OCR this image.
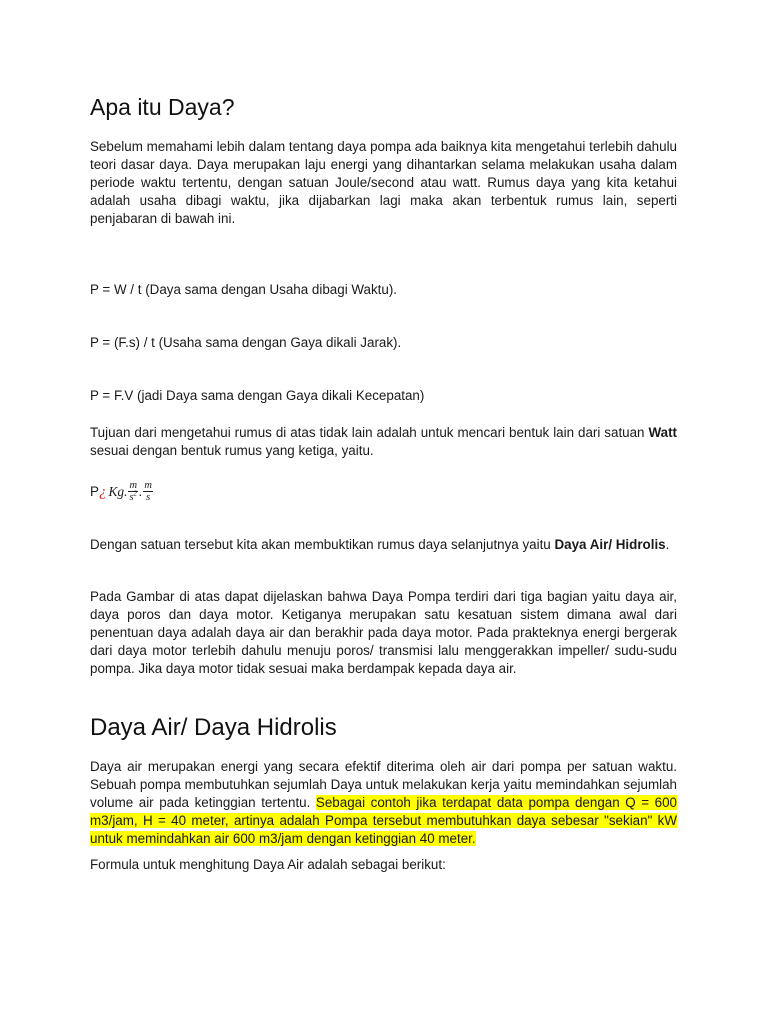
Apa itu Daya?

Sebelum memahami lebih dalam tentang daya pompa ada baiknya kita mengetahui terlebih dahulu teori dasar daya. Daya merupakan laju energi yang dihantarkan selama melakukan usaha dalam periode waktu tertentu, dengan satuan Joule/second atau watt. Rumus daya yang kita ketahui adalah usaha dibagi waktu, jika dijabarkan lagi maka akan terbentuk rumus lain, seperti penjabaran di bawah ini.

P = W / t (Daya sama dengan Usaha dibagi Waktu).

P = (F.s) / t (Usaha sama dengan Gaya dikali Jarak).

P = F.V (jadi Daya sama dengan Gaya dikali Kecepatan)

Tujuan dari mengetahui rumus di atas tidak lain adalah untuk mencari bentuk lain dari satuan Watt sesuai dengan bentuk rumus yang ketiga, yaitu.

P ¿ Kg . $\frac{m}{s^2}$ . $\frac{m}{s}$

Dengan satuan tersebut kita akan membuktikan rumus daya selanjutnya yaitu Daya Air/ Hidrolis.

Pada Gambar di atas dapat dijelaskan bahwa Daya Pompa terdiri dari tiga bagian yaitu daya air, daya poros dan daya motor. Ketiganya merupakan satu kesatuan sistem dimana awal dari penentuan daya adalah daya air dan berakhir pada daya motor. Pada prakteknya energi bergerak dari daya motor terlebih dahulu menuju poros/ transmisi lalu menggerakkan impeller/ sudu-sudu pompa. Jika daya motor tidak sesuai maka berdampak kepada daya air.

Daya Air/ Daya Hidrolis

Daya air merupakan energi yang secara efektif diterima oleh air dari pompa per satuan waktu. Sebuah pompa membutuhkan sejumlah Daya untuk melakukan kerja yaitu memindahkan sejumlah volume air pada ketinggian tertentu. Sebagai contoh jika terdapat data pompa dengan Q = 600 m3/jam, H = 40 meter, artinya adalah Pompa tersebut membutuhkan daya sebesar "sekian" kW untuk memindahkan air 600 m3/jam dengan ketinggian 40 meter.

Formula untuk menghitung Daya Air adalah sebagai berikut:
